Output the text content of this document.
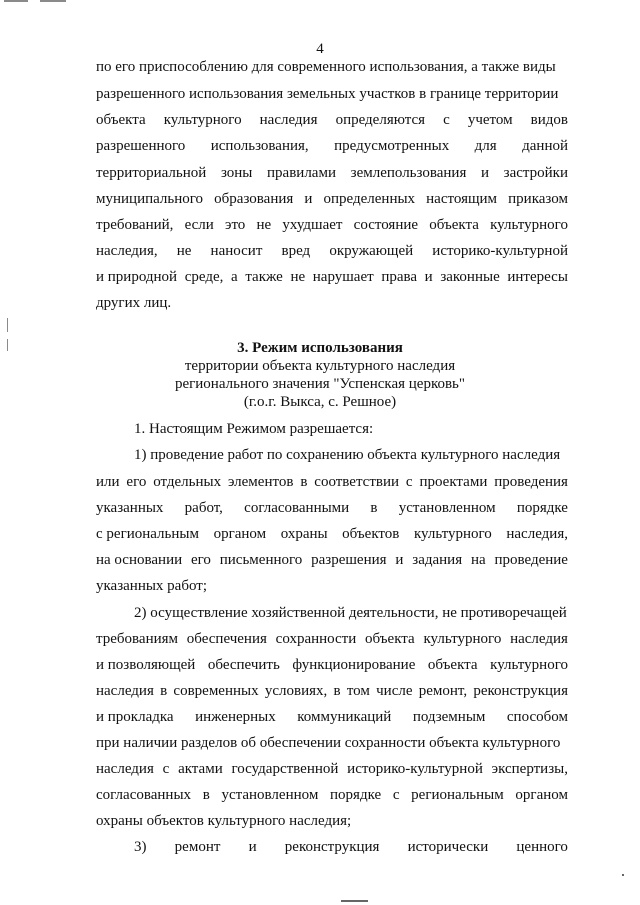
4
по его приспособлению для современного использования, а также виды
разрешенного использования земельных участков в границе территории
объекта культурного наследия определяются с учетом видов
разрешенного использования, предусмотренных для данной
территориальной зоны правилами землепользования и застройки
муниципального образования и определенных настоящим приказом
требований, если это не ухудшает состояние объекта культурного
наследия, не наносит вред окружающей историко-культурной
и природной среде, а также не нарушает права и законные интересы
других лиц.
3. Режим использования
территории объекта культурного наследия
регионального значения "Успенская церковь"
(г.о.г. Выкса, с. Решное)
1. Настоящим Режимом разрешается:
1) проведение работ по сохранению объекта культурного наследия
или его отдельных элементов в соответствии с проектами проведения
указанных работ, согласованными в установленном порядке
с региональным органом охраны объектов культурного наследия,
на основании его письменного разрешения и задания на проведение
указанных работ;
2) осуществление хозяйственной деятельности, не противоречащей
требованиям обеспечения сохранности объекта культурного наследия
и позволяющей обеспечить функционирование объекта культурного
наследия в современных условиях, в том числе ремонт, реконструкция
и прокладка инженерных коммуникаций подземным способом
при наличии разделов об обеспечении сохранности объекта культурного
наследия с актами государственной историко-культурной экспертизы,
согласованных в установленном порядке с региональным органом
охраны объектов культурного наследия;
3) ремонт и реконструкция исторически ценного
